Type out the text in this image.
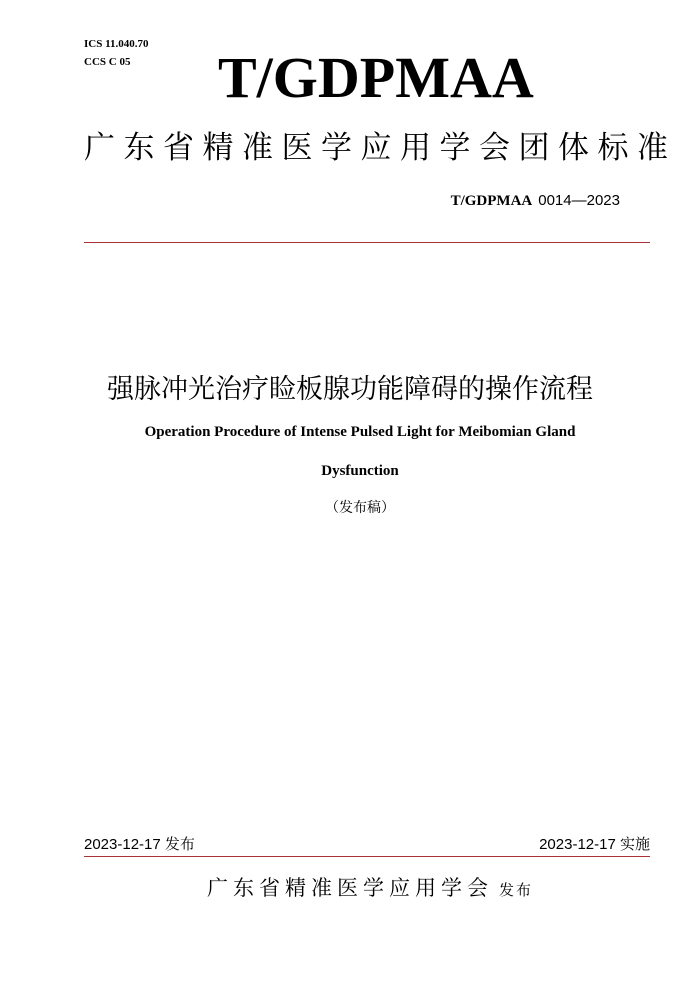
ICS 11.040.70
CCS C 05 T/GDPMAA
广东省精准医学应用学会团体标准
T/GDPMAA 0014—2023
强脉冲光治疗睑板腺功能障碍的操作流程
Operation Procedure of Intense Pulsed Light for Meibomian Gland
Dysfunction
（发布稿）
2023-12-17 发布	2023-12-17 实施
广东省精准医学应用学会 发布
